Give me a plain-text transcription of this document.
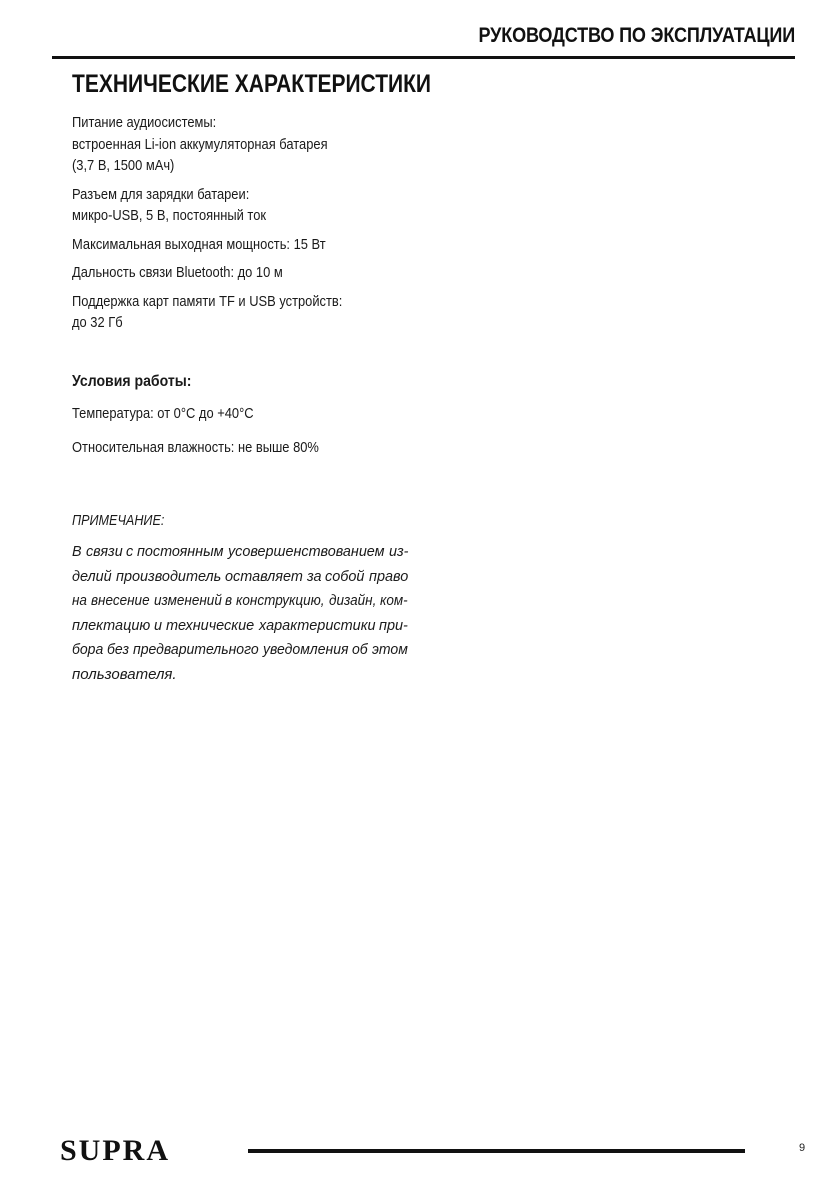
РУКОВОДСТВО ПО ЭКСПЛУАТАЦИИ
ТЕХНИЧЕСКИЕ ХАРАКТЕРИСТИКИ
Питание аудиосистемы:
встроенная Li-ion аккумуляторная батарея
(3,7 В, 1500 мАч)
Разъем для зарядки батареи:
микро-USB, 5 В, постоянный ток
Максимальная выходная мощность: 15 Вт
Дальность связи Bluetooth: до 10 м
Поддержка карт памяти TF и USB устройств:
до 32 Гб
Условия работы:
Температура: от 0°С до +40°С
Относительная влажность: не выше 80%
ПРИМЕЧАНИЕ:
В связи с постоянным усовершенствованием из-
делий производитель оставляет за собой право
на внесение изменений в конструкцию, дизайн, ком-
плектацию и технические характеристики при-
бора без предварительного уведомления об этом
пользователя.
SUPRA	9
